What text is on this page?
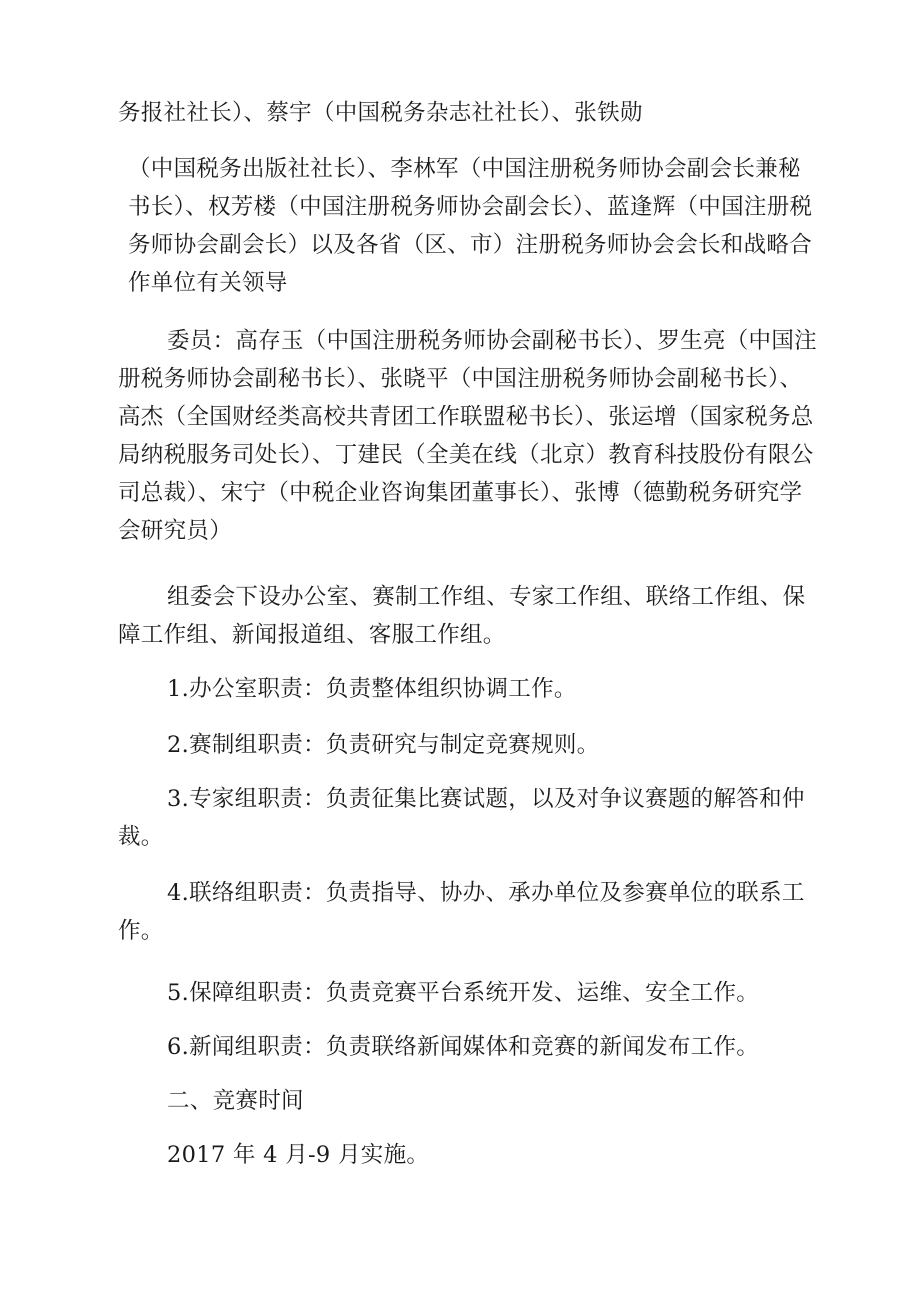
务报社社长）、蔡宇（中国税务杂志社社长）、张铁勋

（中国税务出版社社长）、李林军（中国注册税务师协会副会长兼秘书长）、权芳楼（中国注册税务师协会副会长）、蓝逢辉（中国注册税务师协会副会长）以及各省（区、市）注册税务师协会会长和战略合作单位有关领导

委员：高存玉（中国注册税务师协会副秘书长）、罗生亮（中国注册税务师协会副秘书长）、张晓平（中国注册税务师协会副秘书长）、高杰（全国财经类高校共青团工作联盟秘书长）、张运增（国家税务总局纳税服务司处长）、丁建民（全美在线（北京）教育科技股份有限公司总裁）、宋宁（中税企业咨询集团董事长）、张博（德勤税务研究学会研究员）

组委会下设办公室、赛制工作组、专家工作组、联络工作组、保障工作组、新闻报道组、客服工作组。

1.办公室职责：负责整体组织协调工作。

2.赛制组职责：负责研究与制定竞赛规则。

3.专家组职责：负责征集比赛试题，以及对争议赛题的解答和仲裁。

4.联络组职责：负责指导、协办、承办单位及参赛单位的联系工作。

5.保障组职责：负责竞赛平台系统开发、运维、安全工作。

6.新闻组职责：负责联络新闻媒体和竞赛的新闻发布工作。

二、竞赛时间

2017 年 4 月-9 月实施。
